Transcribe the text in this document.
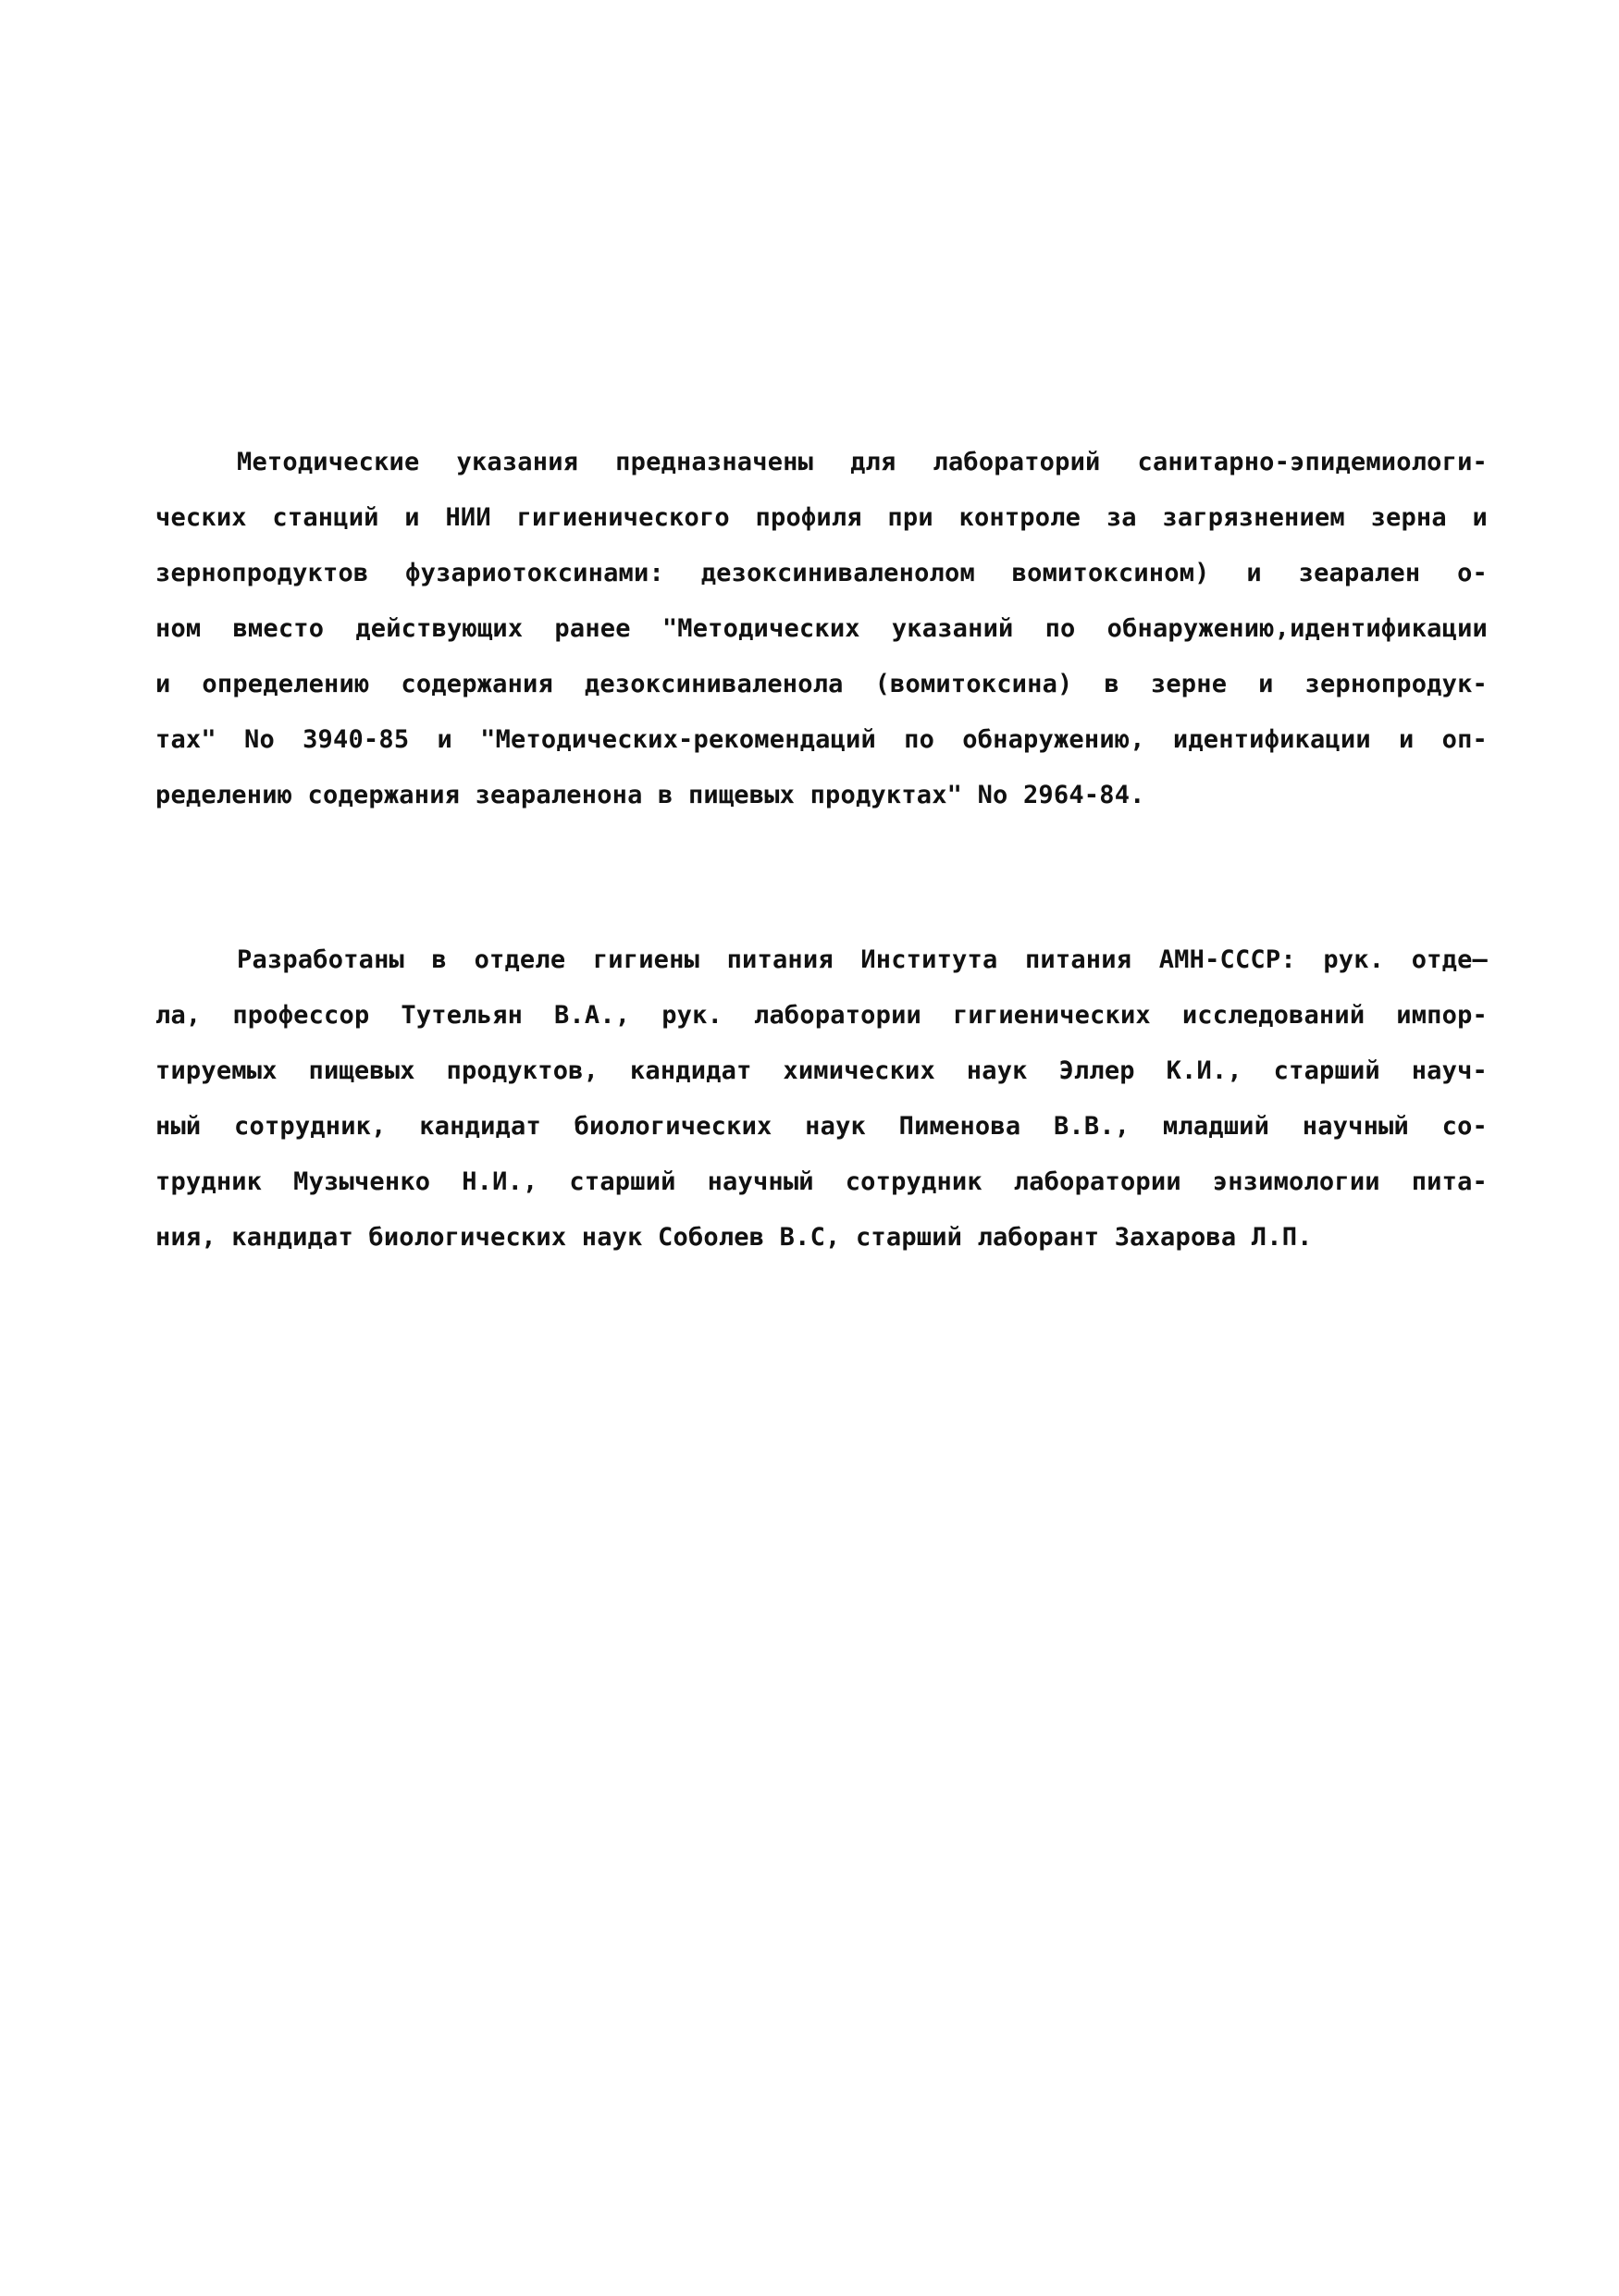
Методические указания предназначены для лабораторий санитарно-эпидемиологи-
ческих станций и НИИ гигиенического профиля при контроле за загрязнением зерна и
зернопродуктов фузариотоксинами: дезоксиниваленолом вомитоксином) и зеарален о-
ном вместо действующих ранее "Методических указаний по обнаружению,идентификации
и определению содержания дезоксиниваленола (вомитоксина) в зерне и зернопродук-
тах" No 3940-85 и "Методических-рекомендаций по обнаружению, идентификации и оп-
ределению содержания зеараленона в пищевых продуктах" No 2964-84.
Разработаны в отделе гигиены питания Института питания АМН-СССР: рук. отде—
ла, профессор Тутельян В.А., рук. лаборатории гигиенических исследований импор-
тируемых пищевых продуктов, кандидат химических наук Эллер К.И., старший науч-
ный сотрудник, кандидат биологических наук Пименова В.В., младший научный со-
трудник Музыченко Н.И., старший научный сотрудник лаборатории энзимологии пита-
ния, кандидат биологических наук Соболев В.С, старший лаборант Захарова Л.П.
